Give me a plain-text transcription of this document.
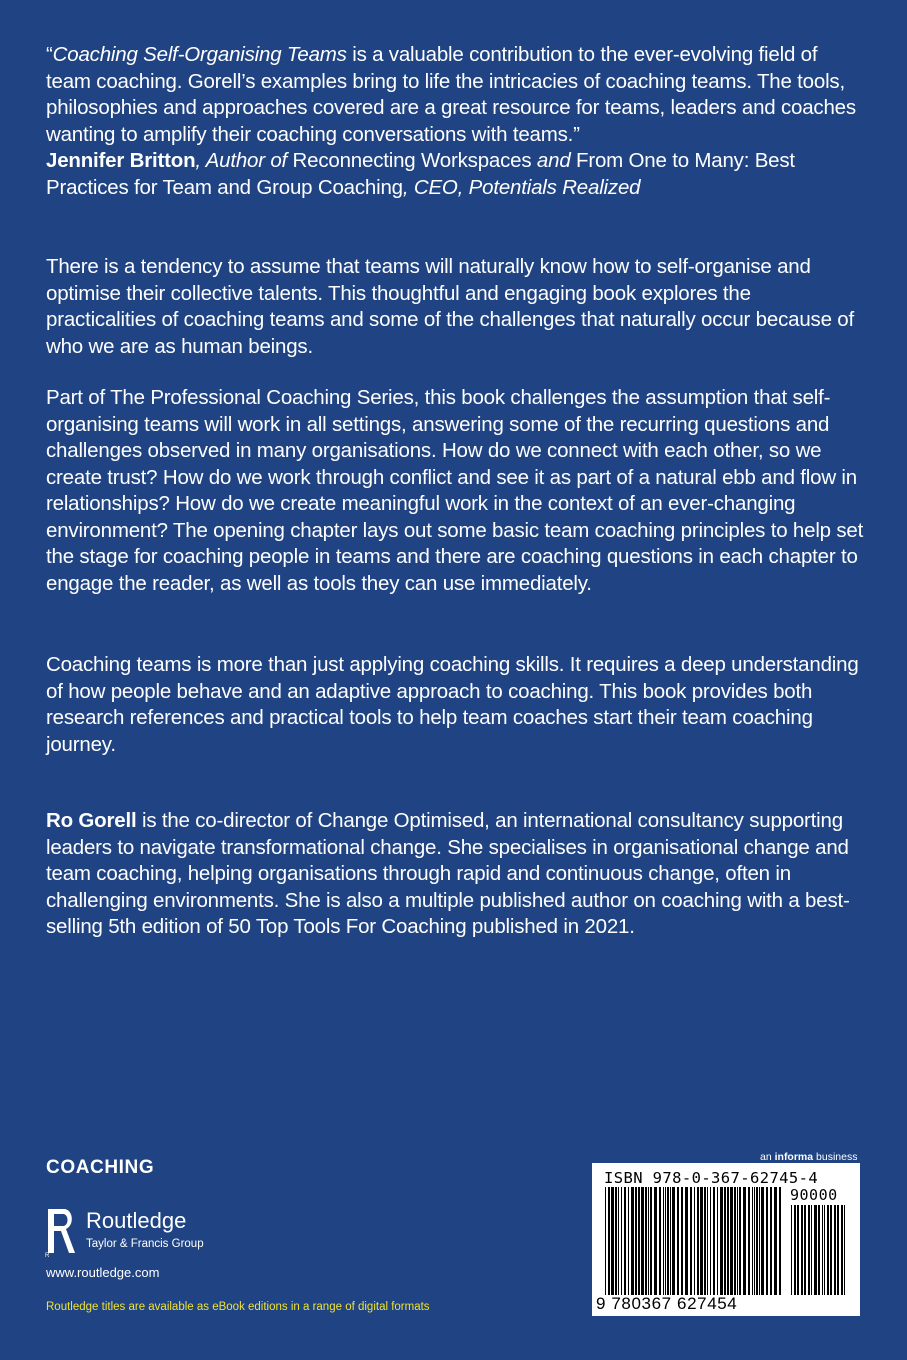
“Coaching Self-Organising Teams is a valuable contribution to the ever-evolving field of team coaching. Gorell’s examples bring to life the intricacies of coaching teams. The tools, philosophies and approaches covered are a great resource for teams, leaders and coaches wanting to amplify their coaching conversations with teams.”
Jennifer Britton, Author of Reconnecting Workspaces and From One to Many: Best Practices for Team and Group Coaching, CEO, Potentials Realized

There is a tendency to assume that teams will naturally know how to self-organise and optimise their collective talents. This thoughtful and engaging book explores the practicalities of coaching teams and some of the challenges that naturally occur because of who we are as human beings.

Part of The Professional Coaching Series, this book challenges the assumption that self-organising teams will work in all settings, answering some of the recurring questions and challenges observed in many organisations. How do we connect with each other, so we create trust? How do we work through conflict and see it as part of a natural ebb and flow in relationships? How do we create meaningful work in the context of an ever-changing environment? The opening chapter lays out some basic team coaching principles to help set the stage for coaching people in teams and there are coaching questions in each chapter to engage the reader, as well as tools they can use immediately.

Coaching teams is more than just applying coaching skills. It requires a deep understanding of how people behave and an adaptive approach to coaching. This book provides both research references and practical tools to help team coaches start their team coaching journey.

Ro Gorell is the co-director of Change Optimised, an international consultancy supporting leaders to navigate transformational change. She specialises in organisational change and team coaching, helping organisations through rapid and continuous change, often in challenging environments. She is also a multiple published author on coaching with a best-selling 5th edition of 50 Top Tools For Coaching published in 2021.

COACHING

R

Routledge

Taylor & Francis Group

www.routledge.com

Routledge titles are available as eBook editions in a range of digital formats

an informa business

ISBN 978-0-367-62745-4

90000

9 780367 627454
